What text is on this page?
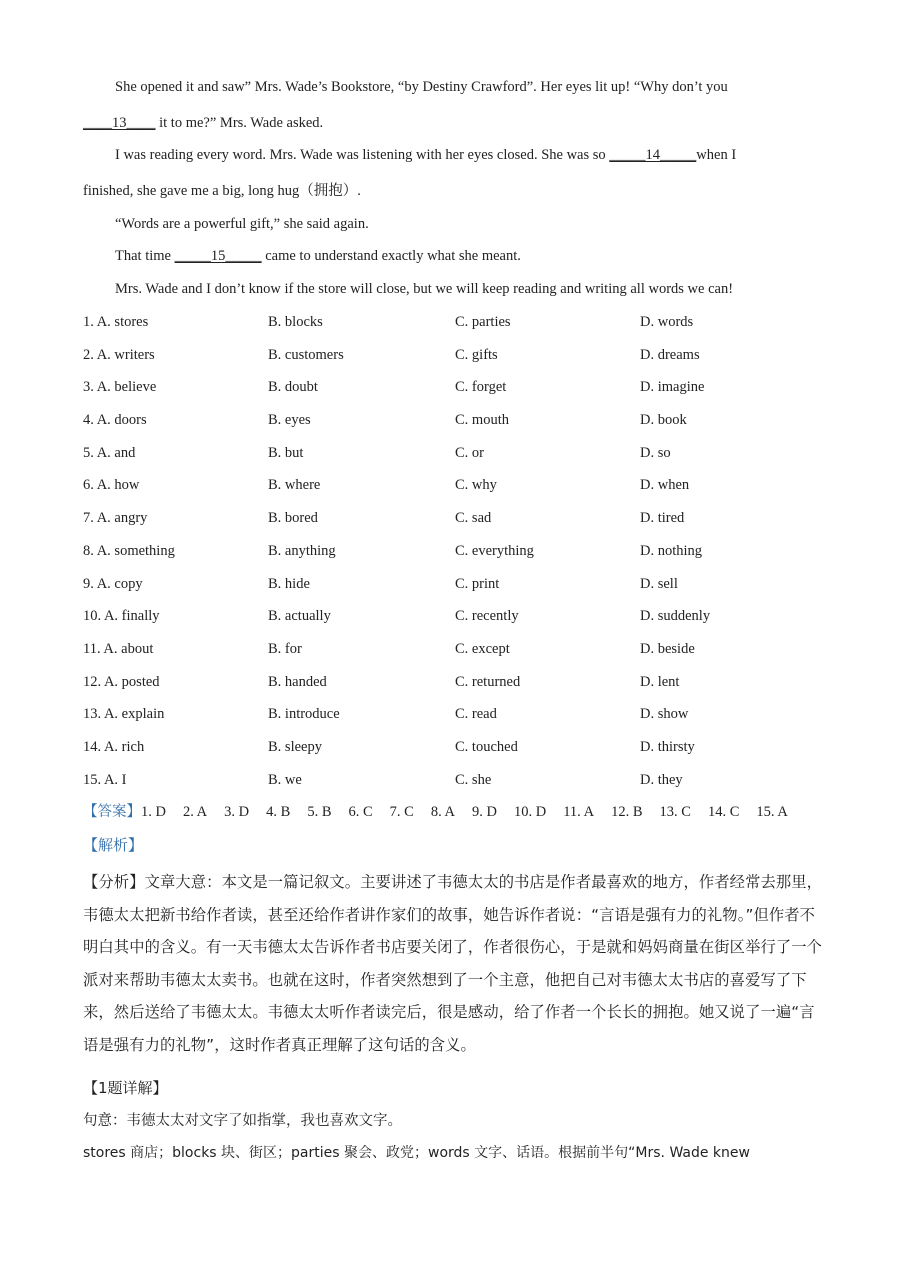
She opened it and saw” Mrs. Wade’s Bookstore, “by Destiny Crawford”. Her eyes lit up! “Why don’t you

____13____ it to me?” Mrs. Wade asked.

I was reading every word. Mrs. Wade was listening with her eyes closed. She was so _____14_____when I

finished, she gave me a big, long hug（拥抱）.

“Words are a powerful gift,” she said again.

That time _____15_____ came to understand exactly what she meant.

Mrs. Wade and I don’t know if the store will close, but we will keep reading and writing all words we can!

1. A. stores	B. blocks	C. parties	D. words
2. A. writers	B. customers	C. gifts	D. dreams
3. A. believe	B. doubt	C. forget	D. imagine
4. A. doors	B. eyes	C. mouth	D. book
5. A. and	B. but	C. or	D. so
6. A. how	B. where	C. why	D. when
7. A. angry	B. bored	C. sad	D. tired
8. A. something	B. anything	C. everything	D. nothing
9. A. copy	B. hide	C. print	D. sell
10. A. finally	B. actually	C. recently	D. suddenly
11. A. about	B. for	C. except	D. beside
12. A. posted	B. handed	C. returned	D. lent
13. A. explain	B. introduce	C. read	D. show
14. A. rich	B. sleepy	C. touched	D. thirsty
15. A. I	B. we	C. she	D. they
【答案】1. D 2. A 3. D 4. B 5. B 6. C 7. C 8. A 9. D 10. D 11. A 12. B 13. C 14. C 15. A
【解析】

【分析】文章大意：本文是一篇记叙文。主要讲述了韦德太太的书店是作者最喜欢的地方，作者经常去那里，韦德太太把新书给作者读，甚至还给作者讲作家们的故事，她告诉作者说：“言语是强有力的礼物。”但作者不明白其中的含义。有一天韦德太太告诉作者书店要关闭了，作者很伤心，于是就和妈妈商量在街区举行了一个派对来帮助韦德太太卖书。也就在这时，作者突然想到了一个主意，他把自己对韦德太太书店的喜爱写了下来，然后送给了韦德太太。韦德太太听作者读完后，很是感动，给了作者一个长长的拥抱。她又说了一遍“言语是强有力的礼物”，这时作者真正理解了这句话的含义。

【1题详解】
句意：韦德太太对文字了如指掌，我也喜欢文字。
stores 商店；blocks 块、街区；parties 聚会、政党；words 文字、话语。根据前半句“Mrs. Wade knew
